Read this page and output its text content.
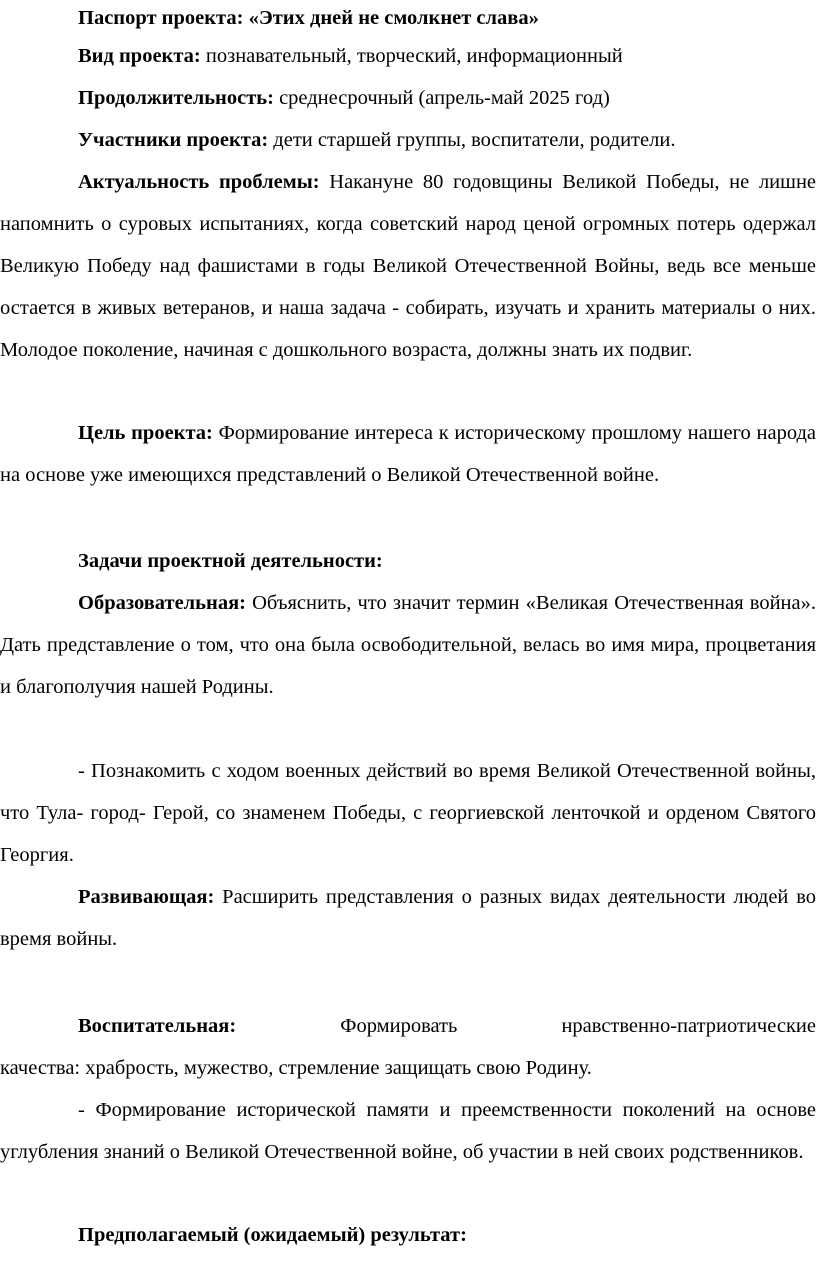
Паспорт проекта: «Этих дней не смолкнет слава»

Вид проекта: познавательный, творческий, информационный

Продолжительность: среднесрочный (апрель-май 2025 год)

Участники проекта: дети старшей группы, воспитатели, родители.

Актуальность проблемы: Накануне 80 годовщины Великой Победы, не лишне напомнить о суровых испытаниях, когда советский народ ценой огромных потерь одержал Великую Победу над фашистами в годы Великой Отечественной Войны, ведь все меньше остается в живых ветеранов, и наша задача - собирать, изучать и хранить материалы о них. Молодое поколение, начиная с дошкольного возраста, должны знать их подвиг.

Цель проекта: Формирование интереса к историческому прошлому нашего народа на основе уже имеющихся представлений о Великой Отечественной войне.

Задачи проектной деятельности:

Образовательная: Объяснить, что значит термин «Великая Отечественная война». Дать представление о том, что она была освободительной, велась во имя мира, процветания и благополучия нашей Родины.

- Познакомить с ходом военных действий во время Великой Отечественной войны, что Тула- город- Герой, со знаменем Победы, с георгиевской ленточкой и орденом Святого Георгия.

Развивающая: Расширить представления о разных видах деятельности людей во время войны.

Воспитательная:	Формировать	нравственно-патриотические

качества: храбрость, мужество, стремление защищать свою Родину.

- Формирование исторической памяти и преемственности поколений на основе углубления знаний о Великой Отечественной войне, об участии в ней своих родственников.

Предполагаемый (ожидаемый) результат:
